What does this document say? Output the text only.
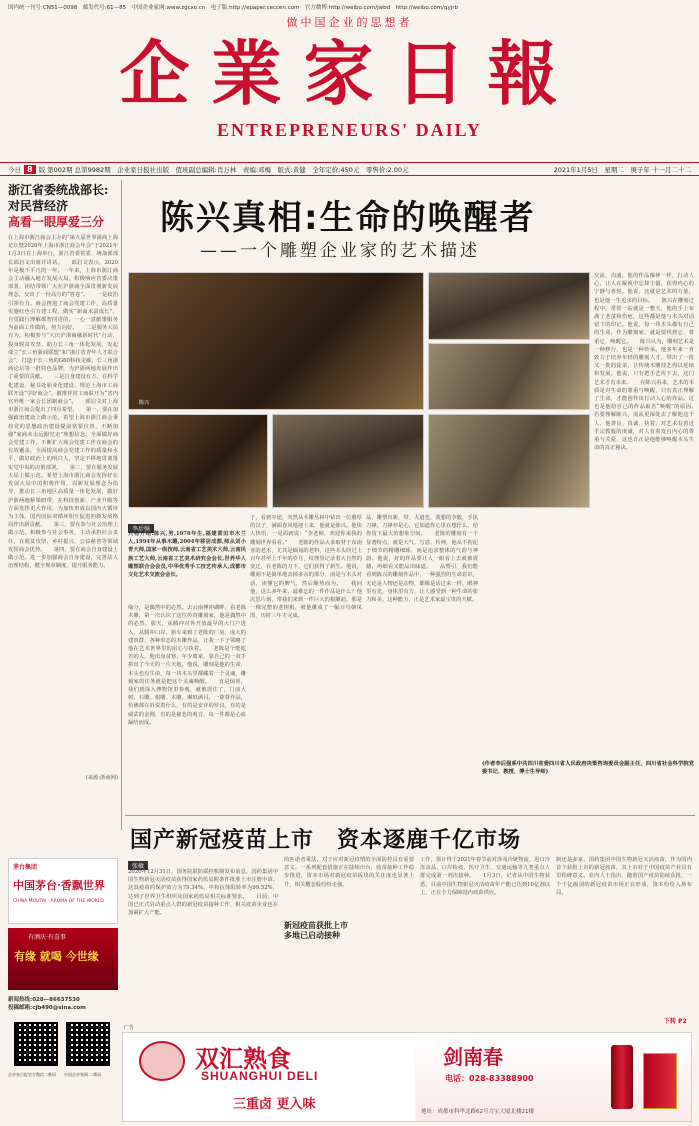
国内统一刊号:CN51—0098　邮发代号:61—85　中国企业家网:www.zgcxo.cn　电子版:http://epaper.ceccen.com　官方微博:http://weibo.com/jwbd　http://weibo.com/qyjrb
做中国企业的思想者
企業家日報
ENTREPRENEURS' DAILY
今日 8 版 第002期 总第9982期　企业家日报社出版　值班副总编辑:肖万林　责编:邓梅　版式:黄健　全年定价:450元　零售价:2.00元	2021年1月5日　星期二　庚子年 十一月二十二
浙江省委统战部长:
对民营经济
高看一眼厚爱三分
在上海市浙江商会主办的“第九届世界浙商上海论坛暨2020年上海市浙江商会年会”于2021年1月3日在上海举行。浙江省委常委、统战部部长邱启文出席并讲话。　　邱启文表示，2020年是极不平凡的一年，一年来，上海市浙江商会主动融入地方发展大局，积极响应省委决策部署，团结带领广大在沪浙商全面贯彻新发展理念，交出了一份高分的“答卷”。　　一是政治引领有力。商会推进了商会党建工作，高质量实施红色引力建工程，做实“新商未富成长”，自觉践行理解都智同进的，一心一意献策服务为前面工作做的，努力向好。　　二是服务大局有为。积极参与“大庆沪浙商融新时代”行动，投身脱贫攻坚、助力长三角一体化发展，发起成立“长三角浙商联盟”和“浙江省青年人才联合会”，打造于长三角的G60科技走廊，长三角浙商论坛等一批特色品牌，为沪浙两地发展作出了重要的贡献。　　三是自身建设有方。在科学化建设、秘书处职业化建设、规范上海市工商联开设“学好商会”，被推荐省工商联开为“省内官外唯一家会长团制商会”。　　邱启文对上海市浙江商会提出了四点希望。　　第一，要在加强政治建设上做示范。希望上海市浙江商会秉持党的思想政治建设提前常要位置，不断加强“家商未永远跟党走”理想信念，全面做好商会党建工作，不断扩大商会党建工作在商会的有效覆盖，全面提高商会党建工作的质量和水平，做好政治上的明白人，坚定不移地贯彻落实党中央的决策部署。　　第二，要在服务发展大局上做示范。希望上海市浙江商会发挥好在发展大局中的积极作用，以新发展理念为指导，推动长三角地区高质量一体化发展，做好沪浙两地桥梁纽带，在科技创新、产业升级等方面发挥更大作用，为加快形成以国内大循环为主体、国内国际双循环相互促进的新发展格局作出新贡献。　　第三，要在参与社会治理上做示范。积极参与社会事务，主动承担社会责任，在脱贫攻坚、乡村振兴、公益慈善等领域发挥商会优势。　　第四，要在商会自身建设上做示范。进一步加强商会自身建设，完善法人治理结构，健全规章制度，提升服务能力。
(来源:浙商网)
陈兴真相:生命的唤醒者
——一个雕塑企业家的艺术描述
陈兴
李后强
人物介绍:陈兴,男,1976年生,福建莆田市木兰人,1994年从事木雕,2004年移居成都,师从刘小青大师,国家一级技师,云南省工艺美术大师,云南民族工艺大师,云南省工艺美术研究会会长,世界华人雕塑联合会会员,中华优秀手工技艺传承人,成都市文化艺术交流会会长。
缘分，是偶然中的必然。去云南博冲湖畔，看老陈木雕，第一次认识了这位传奇雕刻家，他是偶然中的必然。那天，从腾冲对外开放最早的大门户进入，从腾冲口岸，驱车来到了老陈的厂房，庞大的建筑群、各种形态的木雕作品，让我一下子领略了他在艺术世界里的用心与执着。　　老陈是个能吃苦的人，他出身贫寒，年少离家，靠自己的一双手拼出了今天的一片天地。他说，雕刻是他的生命，木头也有生命，每一块木头里都藏着一个灵魂，雕刻家的任务就是把这个灵魂唤醒。　　直是惊喜，我们到深入博物馆里参观，就被震住了，门前大树、石雕、根雕、木雕，琳琅满目。一尊尊作品，仿佛都在诉说着什么，有的是安详的罗汉，有的是威武的金刚，有的是慈悲的观音，每一件都是心血凝结而成。
子，看到中途，突然从木雕丛林中钻出一位憨厚的汉子，满面春风地迎上来，他就是陈兴。他快人快语，一见面就说：“李老师，欢迎你来我的雕刻世界看看。”　　老陈的作品大多取材于东南亚的老木，尤其是缅甸的老料，这些木头经过上百年甚至上千年的岁月，纹理里记录着大自然的变迁，在老陈的刀下，它们获得了新生。他说，雕刻不是简单地去掉多余的部分，而是与木头对话，读懂它的脾气，然后顺势而为。　　我问他，这么多年来，最难忘的一件作品是什么？他沉思片刻，带我们来到一件巨大的根雕前，那是一棵完整的老树根，被他雕成了一幅百鸟朝凤图，历时三年才完成。
品，雕塑出新，带，大道也，我想的李毅，手执刀锋，刀锋亦是心，它知道你心里在想什么，给你留下最大的想象空间。　　老陈的雕刻有一个显著特点，就是大气、写意、传神，他从不拘泥于细节的精雕细琢，而是追求整体的气韵与神韵。他说，好的作品要让人一眼看上去就被震撼，再细看又能品出味道。　　品塑引，我们能看到陈兴的雕刻作品中，一种强烈的生命意识，无论是人物还是动物，都像是活过来一样，眼神里有光，身体里有力，让人感受到一种生命的张力和美。这种能力，正是艺术家最宝贵的天赋。
交流，沟通，他的作品像禅一样，打动人心，让人在凝视中忘却尘嚣，获得内心的宁静与喜悦。他说，这就是艺术的力量，也是他一生追求的目标。　　陈兴在雕刻过程中，常常一站就是一整天，他的手上布满了老茧和伤疤，这些都是他与木头对话留下的印记。他说，每一块木头都有自己的生命，作为雕刻家，就是要找到它、尊重它、唤醒它。　　陈兴认为，雕刻艺术是一种修行，也是一种传承。他多年来一直致力于培养年轻的雕刻人才，带出了一批又一批的徒弟，让传统木雕技艺得以延续和发展。他说，只有把手艺传下去，这门艺术才有未来。　　在陈兴看来，艺术的本质是对生命的尊重与唤醒，只有真正理解了生命，才能创作出打动人心的作品。这也是他给自己的作品取名“唤醒”的原因。　　若要理解陈兴，需从更深处去了解他这个人，他善良、真诚、执着，对艺术有着近乎宗教般的虔诚，对人有着发自内心的尊重与关爱，这也许正是他能够唤醒木头生命的真正秘诀。
(作者李后强系中共四川省委四川省人民政府决策咨询委员会副主任，四川省社会科学院党委书记、教授、博士生导师)
国产新冠疫苗上市　资本逐鹿千亿市场
张敏
2020年12月31日，国务院联防联控机制发布消息，国药集团中国生物新冠灭活疫苗获得国家药监局附条件批准上市注册申请。这款疫苗的保护效力为79.34%，中和抗体阳转率为99.52%，达到了世界卫生组织及国家药监局相关标准要求。　　目前，中国已正式启动重点人群的新冠疫苗接种工作，相关疫苗企业也在加紧扩大产能。
的匹诺者乘法，对于应对新冠疫情的全面防控具有重要意义。一系列配套措施正在陆续出台，疫苗接种工作稳步推进，资本市场对新冠疫苗板块的关注度也显著上升，相关概念股纷纷走强。
新冠疫苗获批上市
多地已启动接种
工作，预计得于2021年春节前对涉及冷链物流、进口冷冻食品、口岸检疫、医疗卫生、交通运输等九类重点人群完成第一剂次接种。　　1月3日，记者从中国生物获悉，目前中国生物新冠灭活疫苗年产能已达到10亿剂以上，正在全力保障国内疫苗供应。
制还是多家，国药集团中国生物新冠灭活疫苗，作为国内首个获批上市的新冠疫苗，其上市对于中国疫苗产业具有里程碑意义。业内人士指出，随着国产疫苗陆续获批，一个千亿级别的新冠疫苗市场正在形成，资本纷纷入场布局。
下转 P2
茅台集团
中国茅台·香飘世界
CHINA MOUTAI · AROMA OF THE WORLD
有酒庆·有喜事
有缘 就喝 今世缘
新闻热线:028—86637530
投稿邮箱:cjb490@sina.com
企业家日报官方微信二维码	中国企业家网 二维码
广告
双汇熟食
SHUANGHUI DELI
三重卤 更入味
剑南春
电话：028-83388900
地址：成都市科华北路62号力宝大厦北楼21楼
